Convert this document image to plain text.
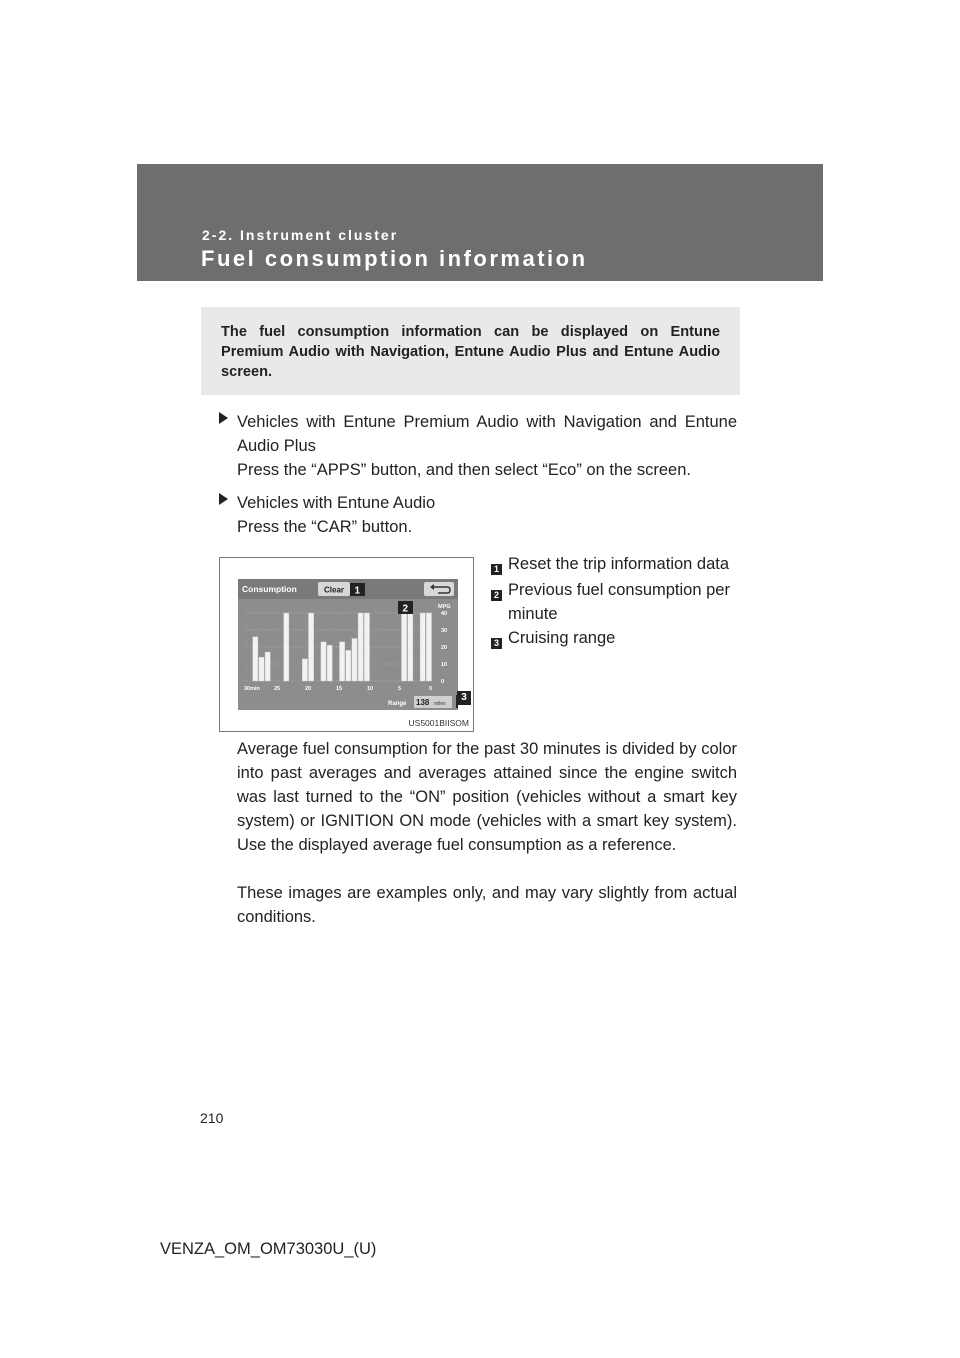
2-2. Instrument cluster
Fuel consumption information
The fuel consumption information can be displayed on Entune Premium Audio with Navigation, Entune Audio Plus and Entune Audio screen.
Vehicles with Entune Premium Audio with Navigation and Entune Audio Plus
Press the “APPS” button, and then select “Eco” on the screen.
Vehicles with Entune Audio
Press the “CAR” button.
Consumption	Clear
40
30
20
10
0
30min	25	20	15	10	5	0
MPG
Range 138 miles
1
2
3
US5001BIISOM
1 Reset the trip information data
2 Previous fuel consumption per minute
3 Cruising range
Average fuel consumption for the past 30 minutes is divided by color into past averages and averages attained since the engine switch was last turned to the “ON” position (vehicles without a smart key system) or IGNITION ON mode (vehicles with a smart key system). Use the displayed average fuel consumption as a reference.
These images are examples only, and may vary slightly from actual conditions.
210
VENZA_OM_OM73030U_(U)
